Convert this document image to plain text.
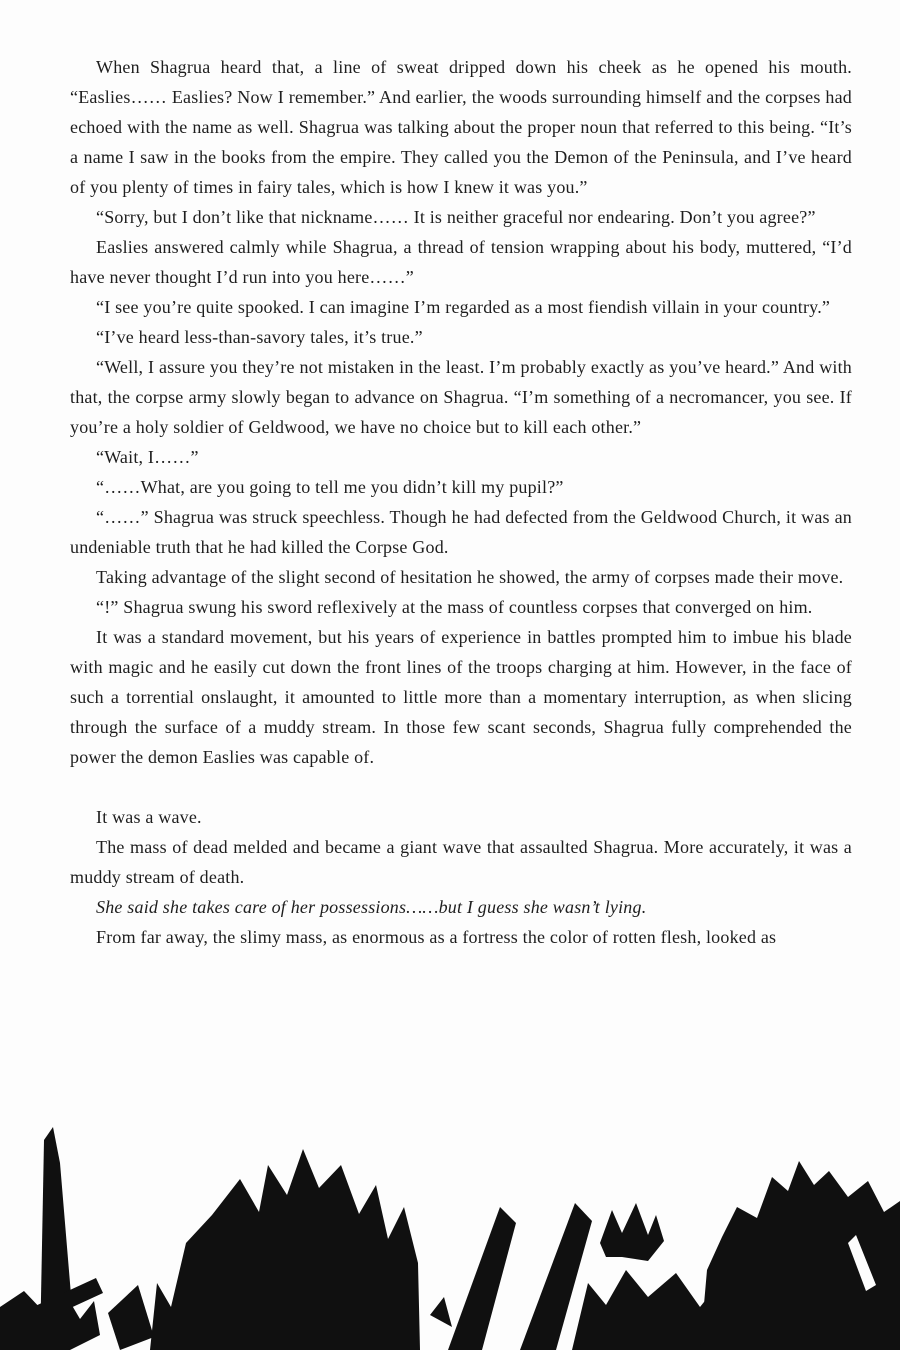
When Shagrua heard that, a line of sweat dripped down his cheek as he opened his mouth. “Easlies…… Easlies? Now I remember.” And earlier, the woods surrounding himself and the corpses had echoed with the name as well. Shagrua was talking about the proper noun that referred to this being. “It’s a name I saw in the books from the empire. They called you the Demon of the Peninsula, and I’ve heard of you plenty of times in fairy tales, which is how I knew it was you.”

“Sorry, but I don’t like that nickname…… It is neither graceful nor endearing. Don’t you agree?”

Easlies answered calmly while Shagrua, a thread of tension wrapping about his body, muttered, “I’d have never thought I’d run into you here……”

“I see you’re quite spooked. I can imagine I’m regarded as a most fiendish villain in your country.”

“I’ve heard less-than-savory tales, it’s true.”

“Well, I assure you they’re not mistaken in the least. I’m probably exactly as you’ve heard.” And with that, the corpse army slowly began to advance on Shagrua. “I’m something of a necromancer, you see. If you’re a holy soldier of Geldwood, we have no choice but to kill each other.”

“Wait, I……”

“……What, are you going to tell me you didn’t kill my pupil?”

“……” Shagrua was struck speechless. Though he had defected from the Geldwood Church, it was an undeniable truth that he had killed the Corpse God.

Taking advantage of the slight second of hesitation he showed, the army of corpses made their move.

“!” Shagrua swung his sword reflexively at the mass of countless corpses that converged on him.

It was a standard movement, but his years of experience in battles prompted him to imbue his blade with magic and he easily cut down the front lines of the troops charging at him. However, in the face of such a torrential onslaught, it amounted to little more than a momentary interruption, as when slicing through the surface of a muddy stream. In those few scant seconds, Shagrua fully comprehended the power the demon Easlies was capable of.

It was a wave.

The mass of dead melded and became a giant wave that assaulted Shagrua. More accurately, it was a muddy stream of death.

She said she takes care of her possessions……but I guess she wasn’t lying.

From far away, the slimy mass, as enormous as a fortress the color of rotten flesh, looked as
